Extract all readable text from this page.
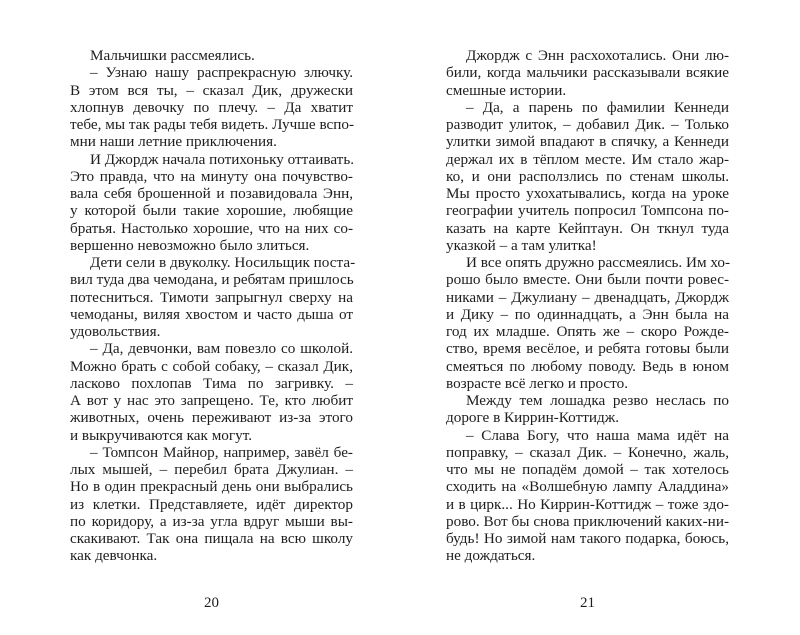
Мальчишки рассмеялись.
– Узнаю нашу распрекрасную злючку.
В этом вся ты, – сказал Дик, дружески
хлопнув девочку по плечу. – Да хватит
тебе, мы так рады тебя видеть. Лучше вспо-
мни наши летние приключения.
И Джордж начала потихоньку оттаивать.
Это правда, что на минуту она почувство-
вала себя брошенной и позавидовала Энн,
у которой были такие хорошие, любящие
братья. Настолько хорошие, что на них со-
вершенно невозможно было злиться.
Дети сели в двуколку. Носильщик поста-
вил туда два чемодана, и ребятам пришлось
потесниться. Тимоти запрыгнул сверху на
чемоданы, виляя хвостом и часто дыша от
удовольствия.
– Да, девчонки, вам повезло со школой.
Можно брать с собой собаку, – сказал Дик,
ласково похлопав Тима по загривку. –
А вот у нас это запрещено. Те, кто любит
животных, очень переживают из-за этого
и выкручиваются как могут.
– Томпсон Майнор, например, завёл бе-
лых мышей, – перебил брата Джулиан. –
Но в один прекрасный день они выбрались
из клетки. Представляете, идёт директор
по коридору, а из-за угла вдруг мыши вы-
скакивают. Так она пищала на всю школу
как девчонка.
Джордж с Энн расхохотались. Они лю-
били, когда мальчики рассказывали всякие
смешные истории.
– Да, а парень по фамилии Кеннеди
разводит улиток, – добавил Дик. – Только
улитки зимой впадают в спячку, а Кеннеди
держал их в тёплом месте. Им стало жар-
ко, и они расползлись по стенам школы.
Мы просто ухохатывались, когда на уроке
географии учитель попросил Томпсона по-
казать на карте Кейптаун. Он ткнул туда
указкой – а там улитка!
И все опять дружно рассмеялись. Им хо-
рошо было вместе. Они были почти ровес-
никами – Джулиану – двенадцать, Джордж
и Дику – по одиннадцать, а Энн была на
год их младше. Опять же – скоро Рожде-
ство, время весёлое, и ребята готовы были
смеяться по любому поводу. Ведь в юном
возрасте всё легко и просто.
Между тем лошадка резво неслась по
дороге в Киррин-Коттидж.
– Слава Богу, что наша мама идёт на
поправку, – сказал Дик. – Конечно, жаль,
что мы не попадём домой – так хотелось
сходить на «Волшебную лампу Аладдина»
и в цирк... Но Киррин-Коттидж – тоже здо-
рово. Вот бы снова приключений каких-ни-
будь! Но зимой нам такого подарка, боюсь,
не дождаться.
20	21
